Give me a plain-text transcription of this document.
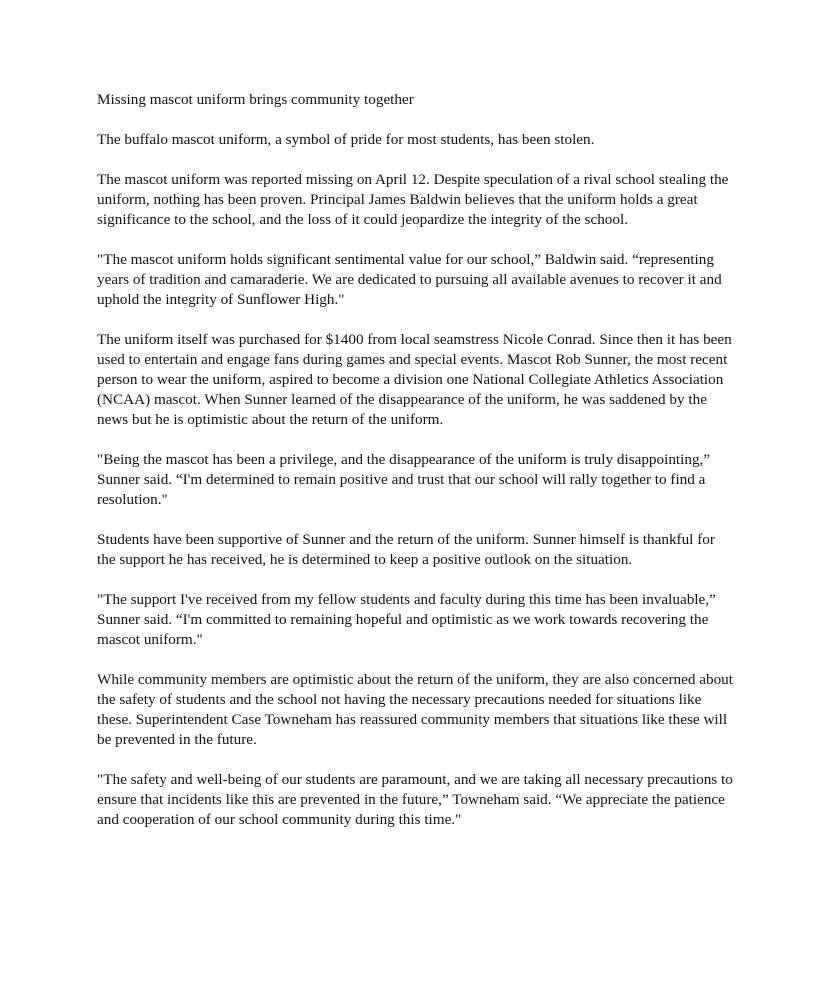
Missing mascot uniform brings community together

The buffalo mascot uniform, a symbol of pride for most students, has been stolen.

The mascot uniform was reported missing on April 12. Despite speculation of a rival school stealing the uniform, nothing has been proven. Principal James Baldwin believes that the uniform holds a great significance to the school, and the loss of it could jeopardize the integrity of the school.

"The mascot uniform holds significant sentimental value for our school,” Baldwin said. “representing years of tradition and camaraderie. We are dedicated to pursuing all available avenues to recover it and uphold the integrity of Sunflower High."

The uniform itself was purchased for $1400 from local seamstress Nicole Conrad. Since then it has been used to entertain and engage fans during games and special events. Mascot Rob Sunner, the most recent person to wear the uniform, aspired to become a division one National Collegiate Athletics Association (NCAA) mascot. When Sunner learned of the disappearance of the uniform, he was saddened by the news but he is optimistic about the return of the uniform.

"Being the mascot has been a privilege, and the disappearance of the uniform is truly disappointing,” Sunner said. “I'm determined to remain positive and trust that our school will rally together to find a resolution."

Students have been supportive of Sunner and the return of the uniform. Sunner himself is thankful for the support he has received, he is determined to keep a positive outlook on the situation.

"The support I've received from my fellow students and faculty during this time has been invaluable,” Sunner said. “I'm committed to remaining hopeful and optimistic as we work towards recovering the mascot uniform."

While community members are optimistic about the return of the uniform, they are also concerned about the safety of students and the school not having the necessary precautions needed for situations like these. Superintendent Case Towneham has reassured community members that situations like these will be prevented in the future.

"The safety and well-being of our students are paramount, and we are taking all necessary precautions to ensure that incidents like this are prevented in the future,” Towneham said. “We appreciate the patience and cooperation of our school community during this time."
